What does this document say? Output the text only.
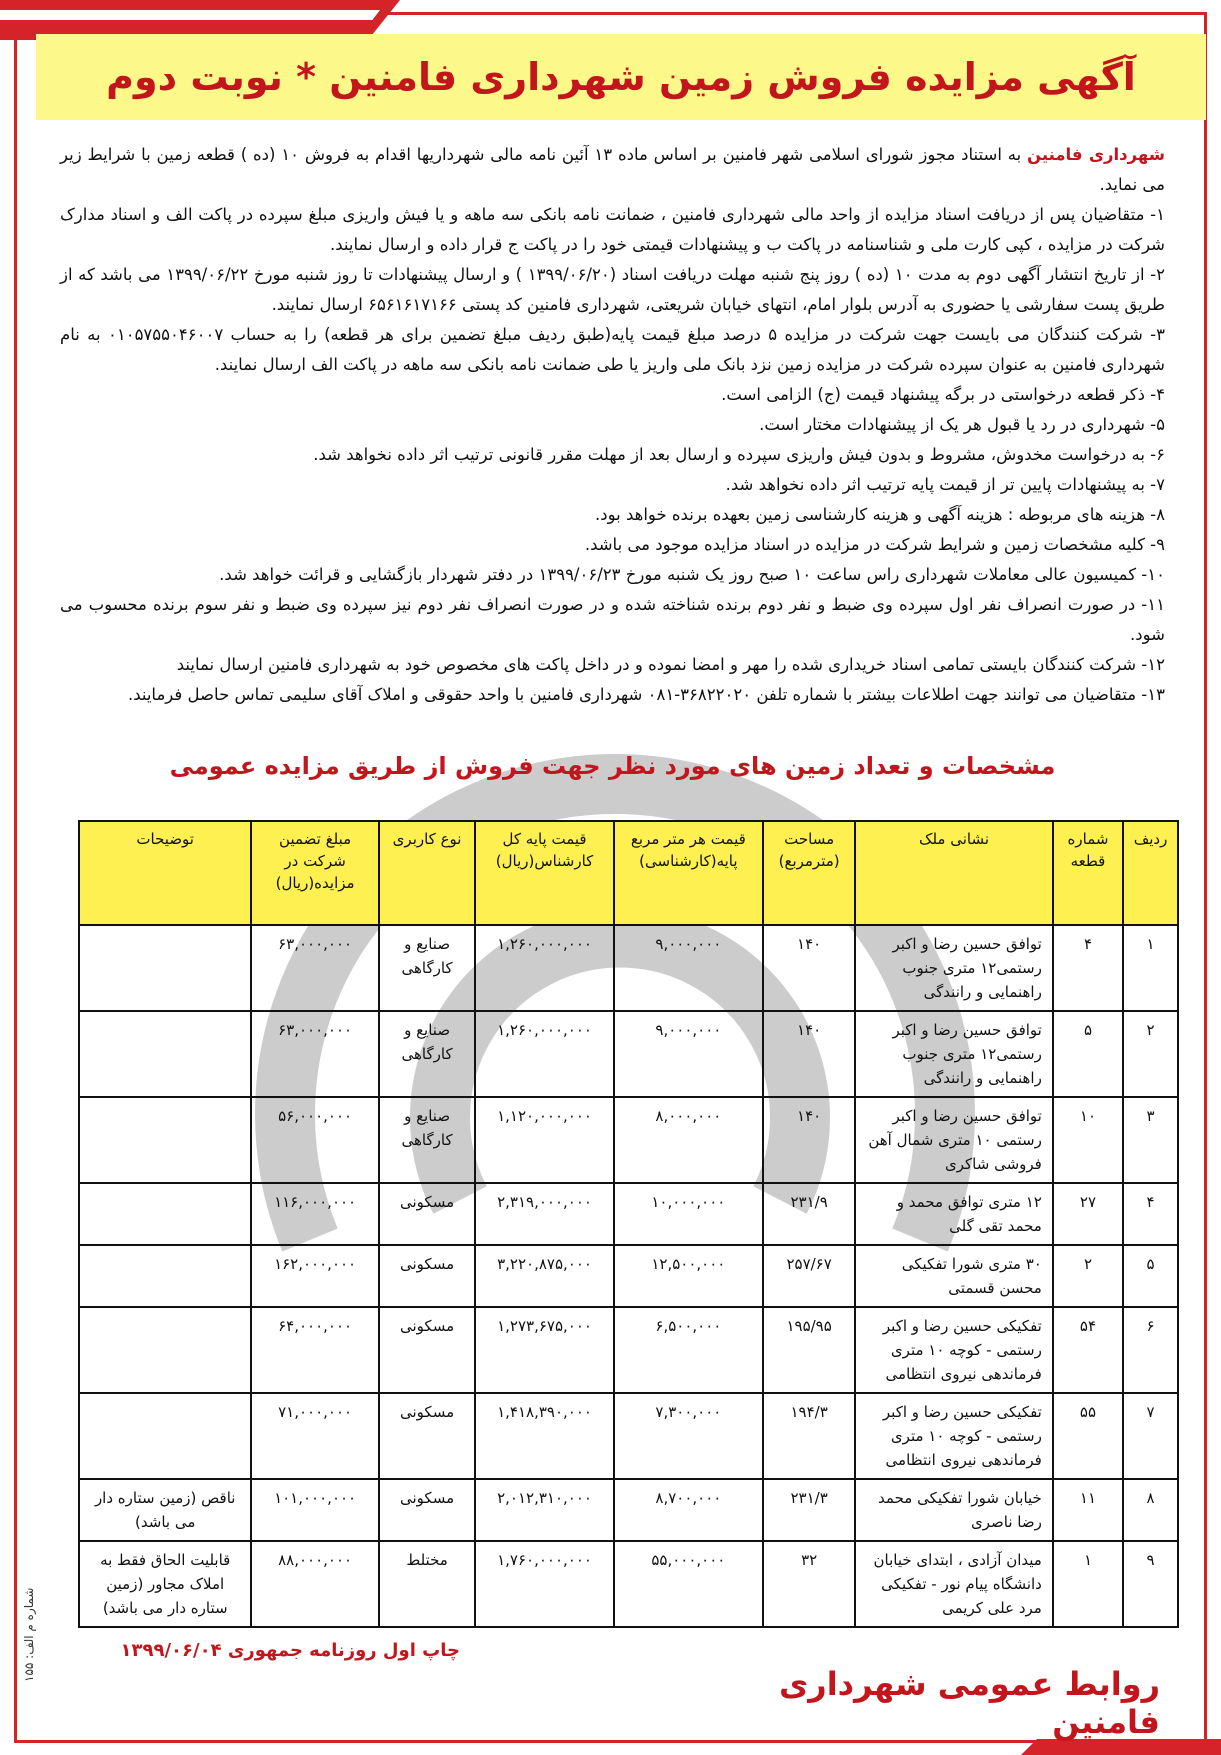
آگهی مزایده فروش زمین شهرداری فامنین * نوبت دوم

شهرداری فامنین به استناد مجوز شورای اسلامی شهر فامنین بر اساس ماده ۱۳ آئین نامه مالی شهرداریها اقدام به فروش ۱۰ (ده ) قطعه زمین با شرایط زیر می نماید.

۱- متقاضیان پس از دریافت اسناد مزایده از واحد مالی شهرداری فامنین ، ضمانت نامه بانکی سه ماهه و یا فیش واریزی مبلغ سپرده در پاکت الف و اسناد مدارک شرکت در مزایده ، کپی کارت ملی و شناسنامه در پاکت ب و پیشنهادات قیمتی خود را در پاکت ج قرار داده و ارسال نمایند.

۲- از تاریخ انتشار آگهی دوم به مدت ۱۰ (ده ) روز پنج شنبه مهلت دریافت اسناد (۱۳۹۹/۰۶/۲۰ ) و ارسال پیشنهادات تا روز شنبه مورخ ۱۳۹۹/۰۶/۲۲ می باشد که از طریق پست سفارشی یا حضوری به آدرس بلوار امام، انتهای خیابان شریعتی، شهرداری فامنین کد پستی ۶۵۶۱۶۱۷۱۶۶ ارسال نمایند.

۳- شرکت کنندگان می بایست جهت شرکت در مزایده ۵ درصد مبلغ قیمت پایه(طبق ردیف مبلغ تضمین برای هر قطعه) را به حساب ۰۱۰۵۷۵۵۰۴۶۰۰۷ به نام شهرداری فامنین به عنوان سپرده شرکت در مزایده زمین نزد بانک ملی واریز یا طی ضمانت نامه بانکی سه ماهه در پاکت الف ارسال نمایند.

۴- ذکر قطعه درخواستی در برگه پیشنهاد قیمت (ج) الزامی است.

۵- شهرداری در رد یا قبول هر یک از پیشنهادات مختار است.

۶- به درخواست مخدوش، مشروط و بدون فیش واریزی سپرده و ارسال بعد از مهلت مقرر قانونی ترتیب اثر داده نخواهد شد.

۷- به پیشنهادات پایین تر از قیمت پایه ترتیب اثر داده نخواهد شد.

۸- هزینه های مربوطه : هزینه آگهی و هزینه کارشناسی زمین بعهده برنده خواهد بود.

۹- کلیه مشخصات زمین و شرایط شرکت در مزایده در اسناد مزایده موجود می باشد.

۱۰- کمیسیون عالی معاملات شهرداری راس ساعت ۱۰ صبح روز یک شنبه مورخ ۱۳۹۹/۰۶/۲۳ در دفتر شهردار بازگشایی و قرائت خواهد شد.

۱۱- در صورت انصراف نفر اول سپرده وی ضبط و نفر دوم برنده شناخته شده و در صورت انصراف نفر دوم نیز سپرده وی ضبط و نفر سوم برنده محسوب می شود.

۱۲- شرکت کنندگان بایستی تمامی اسناد خریداری شده را مهر و امضا نموده و در داخل پاکت های مخصوص خود به شهرداری فامنین ارسال نمایند

۱۳- متقاضیان می توانند جهت اطلاعات بیشتر با شماره تلفن ۳۶۸۲۲۰۲۰-۰۸۱ شهرداری فامنین با واحد حقوقی و املاک آقای سلیمی تماس حاصل فرمایند.

مشخصات و تعداد زمین های مورد نظر جهت فروش از طریق مزایده عمومی
ردیف	شماره قطعه	نشانی ملک	مساحت (مترمربع)	قیمت هر متر مربع پایه(کارشناسی)	قیمت پایه کل کارشناس(ریال)	نوع کاربری	مبلغ تضمین شرکت در مزایده(ریال)	توضیحات
۱	۴	توافق حسین رضا و اکبر رستمی۱۲ متری جنوب راهنمایی و رانندگی	۱۴۰	۹,۰۰۰,۰۰۰	۱,۲۶۰,۰۰۰,۰۰۰	صنایع و کارگاهی	۶۳,۰۰۰,۰۰۰	
۲	۵	توافق حسین رضا و اکبر رستمی۱۲ متری جنوب راهنمایی و رانندگی	۱۴۰	۹,۰۰۰,۰۰۰	۱,۲۶۰,۰۰۰,۰۰۰	صنایع و کارگاهی	۶۳,۰۰۰,۰۰۰	
۳	۱۰	توافق حسین رضا و اکبر رستمی ۱۰ متری شمال آهن فروشی شاکری	۱۴۰	۸,۰۰۰,۰۰۰	۱,۱۲۰,۰۰۰,۰۰۰	صنایع و کارگاهی	۵۶,۰۰۰,۰۰۰	
۴	۲۷	۱۲ متری توافق محمد و محمد تقی گلی	۲۳۱/۹	۱۰,۰۰۰,۰۰۰	۲,۳۱۹,۰۰۰,۰۰۰	مسکونی	۱۱۶,۰۰۰,۰۰۰	
۵	۲	۳۰ متری شورا تفکیکی محسن قسمتی	۲۵۷/۶۷	۱۲,۵۰۰,۰۰۰	۳,۲۲۰,۸۷۵,۰۰۰	مسکونی	۱۶۲,۰۰۰,۰۰۰	
۶	۵۴	تفکیکی حسین رضا و اکبر رستمی - کوچه ۱۰ متری فرماندهی نیروی انتظامی	۱۹۵/۹۵	۶,۵۰۰,۰۰۰	۱,۲۷۳,۶۷۵,۰۰۰	مسکونی	۶۴,۰۰۰,۰۰۰	
۷	۵۵	تفکیکی حسین رضا و اکبر رستمی - کوچه ۱۰ متری فرماندهی نیروی انتظامی	۱۹۴/۳	۷,۳۰۰,۰۰۰	۱,۴۱۸,۳۹۰,۰۰۰	مسکونی	۷۱,۰۰۰,۰۰۰	
۸	۱۱	خیابان شورا تفکیکی محمد رضا ناصری	۲۳۱/۳	۸,۷۰۰,۰۰۰	۲,۰۱۲,۳۱۰,۰۰۰	مسکونی	۱۰۱,۰۰۰,۰۰۰	ناقص (زمین ستاره دار می باشد)
۹	۱	میدان آزادی ، ابتدای خیابان دانشگاه پیام نور - تفکیکی مرد علی کریمی	۳۲	۵۵,۰۰۰,۰۰۰	۱,۷۶۰,۰۰۰,۰۰۰	مختلط	۸۸,۰۰۰,۰۰۰	قابلیت الحاق فقط به املاک مجاور (زمین ستاره دار می باشد)
چاپ اول روزنامه جمهوری ۱۳۹۹/۰۶/۰۴
روابط عمومی شهرداری فامنین
شماره م الف: ۱۵۵
